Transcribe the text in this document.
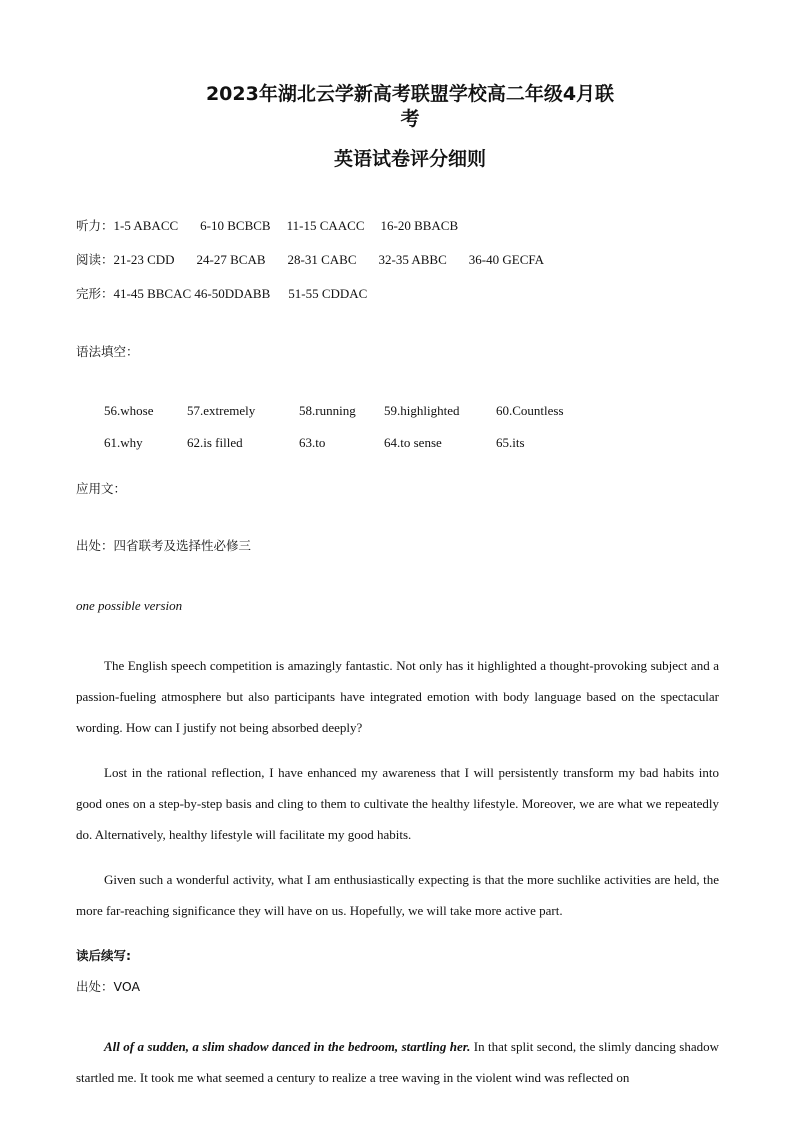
2023年湖北云学新高考联盟学校高二年级4月联
考
英语试卷评分细则
听力：1-5 ABACC 6-10 BCBCB 11-15 CAACC 16-20 BBACB
阅读：21-23 CDD 24-27 BCAB 28-31 CABC 32-35 ABBC 36-40 GECFA
完形：41-45 BBCAC 46-50DDABB 51-55 CDDAC
语法填空：
56.whose	57.extremely	58.running 59.highlighted	60.Countless
61.why	62.is filled	63.to	64.to sense	65.its
应用文：
出处：四省联考及选择性必修三
one possible version

The English speech competition is amazingly fantastic. Not only has it highlighted a thought-provoking subject and a passion-fueling atmosphere but also participants have integrated emotion with body language based on the spectacular wording. How can I justify not being absorbed deeply?

Lost in the rational reflection, I have enhanced my awareness that I will persistently transform my bad habits into good ones on a step-by-step basis and cling to them to cultivate the healthy lifestyle. Moreover, we are what we repeatedly do. Alternatively, healthy lifestyle will facilitate my good habits.

Given such a wonderful activity, what I am enthusiastically expecting is that the more suchlike activities are held, the more far-reaching significance they will have on us. Hopefully, we will take more active part.

读后续写:
出处：VOA

All of a sudden, a slim shadow danced in the bedroom, startling her. In that split second, the slimly dancing shadow startled me. It took me what seemed a century to realize a tree waving in the violent wind was reflected on
